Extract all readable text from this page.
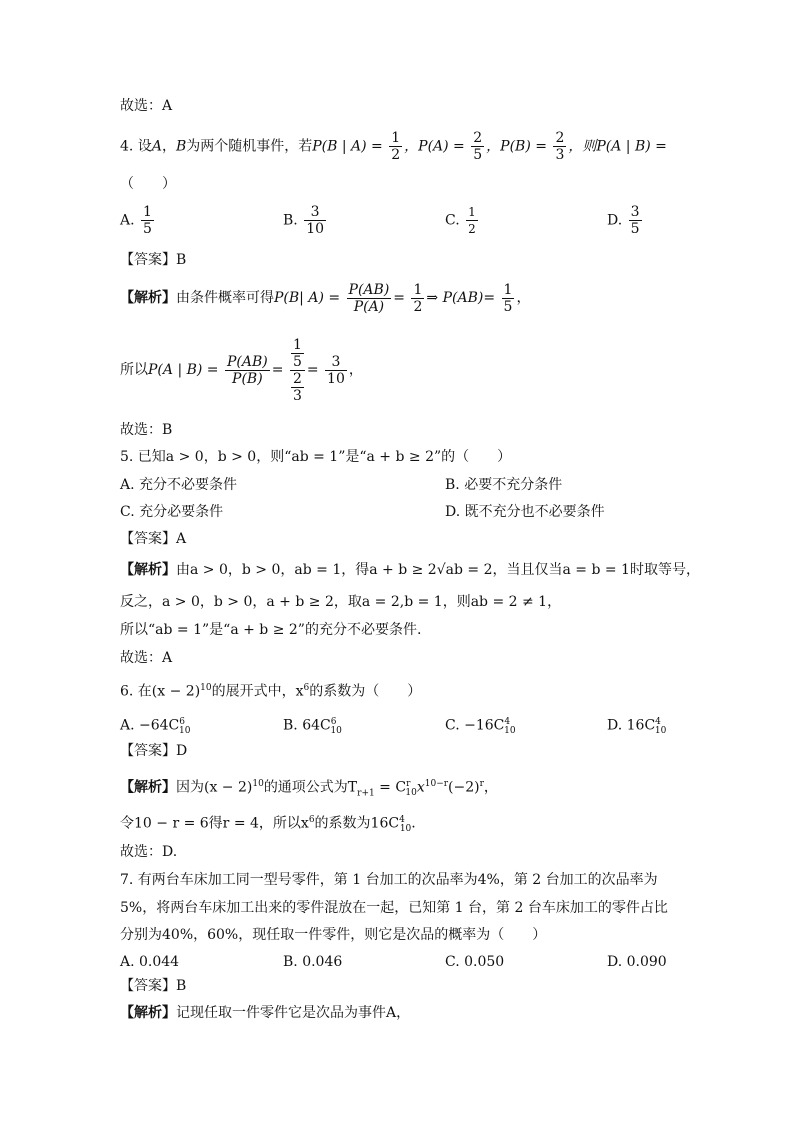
故选：A
4. 设A，B为两个随机事件，若P(B | $A) = \frac{1}{2}$ ，$P(A) = \frac{2}{5}$ ，$P(B) = \frac{2}{3}$ ，则P(A | B) =
（　　）
A. $\frac{1}{5}$	B. $\frac{3}{10}$	C. $\frac{1}{2}$	D. $\frac{3}{5}$
【答案】B
【解析】由条件概率可得P(B| $A) = \frac{P(AB)}{P(A)} = \frac{1}{2}$ ⇒ $P(AB)= \frac{1}{5}$ ，
所以P(A | $B) = \frac{P(AB)}{P(B)} = \frac{\frac{1}{5}}{\frac{2}{3}} = \frac{3}{10}$ ，
故选：B
5. 已知a > 0，b > 0，则“ab = 1”是“a + b ≥ 2”的（　　）
A. 充分不必要条件	B. 必要不充分条件
C. 充分必要条件	D. 既不充分也不必要条件
【答案】A
【解析】由a > 0，b > 0，ab = 1，得a + b ≥ 2√ab = 2，当且仅当a = b = 1时取等号，
反之，a > 0，b > 0，a + b ≥ 2，取a = 2,b = 1，则ab = 2 ≠ 1，
所以“ab = 1”是“a + b ≥ 2”的充分不必要条件.
故选：A
6. 在$(x - 2)^{10}$的展开式中，$x^6$的系数为（　　）
A. $-64C^6_{10}$	B. $64C^6_{10}$	C. $-16C^4_{10}$	D. $16C^4_{10}$
【答案】D
【解析】因为$(x - 2)^{10}$的通项公式为$T_{r+1} = C^r_{10}x^{10-r}(-2)^r$，
令10 − r = 6得r = 4，所以$x^6$的系数为$16C^4_{10}$.
故选：D.
7. 有两台车床加工同一型号零件，第 1 台加工的次品率为4%，第 2 台加工的次品率为
5%，将两台车床加工出来的零件混放在一起，已知第 1 台，第 2 台车床加工的零件占比
分别为40%，60%，现任取一件零件，则它是次品的概率为（　　）
A. 0.044	B. 0.046	C. 0.050	D. 0.090
【答案】B
【解析】记现任取一件零件它是次品为事件A，
